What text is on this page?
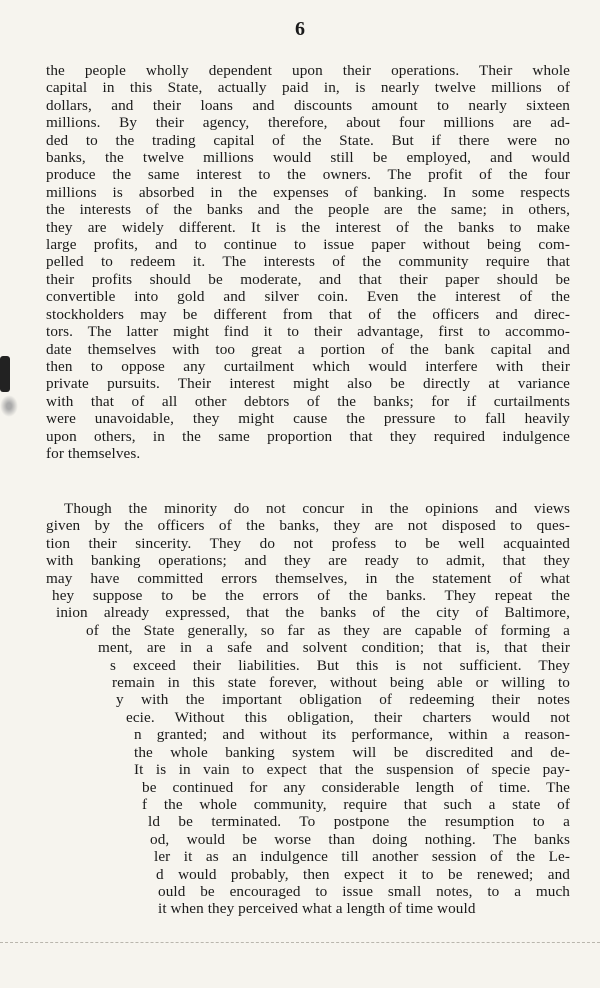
6
the people wholly dependent upon their operations. Their whole
capital in this State, actually paid in, is nearly twelve millions of
dollars, and their loans and discounts amount to nearly sixteen
millions. By their agency, therefore, about four millions are ad-
ded to the trading capital of the State. But if there were no
banks, the twelve millions would still be employed, and would
produce the same interest to the owners. The profit of the four
millions is absorbed in the expenses of banking. In some respects
the interests of the banks and the people are the same; in others,
they are widely different. It is the interest of the banks to make
large profits, and to continue to issue paper without being com-
pelled to redeem it. The interests of the community require that
their profits should be moderate, and that their paper should be
convertible into gold and silver coin. Even the interest of the
stockholders may be different from that of the officers and direc-
tors. The latter might find it to their advantage, first to accommo-
date themselves with too great a portion of the bank capital and
then to oppose any curtailment which would interfere with their
private pursuits. Their interest might also be directly at variance
with that of all other debtors of the banks; for if curtailments
were unavoidable, they might cause the pressure to fall heavily
upon others, in the same proportion that they required indulgence
for themselves.
Though the minority do not concur in the opinions and views
given by the officers of the banks, they are not disposed to ques-
tion their sincerity. They do not profess to be well acquainted
with banking operations; and they are ready to admit, that they
may have committed errors themselves, in the statement of what
hey suppose to be the errors of the banks. They repeat the
inion already expressed, that the banks of the city of Baltimore,
of the State generally, so far as they are capable of forming a
ment, are in a safe and solvent condition; that is, that their
s exceed their liabilities. But this is not sufficient. They
remain in this state forever, without being able or willing to
y with the important obligation of redeeming their notes
ecie. Without this obligation, their charters would not
n granted; and without its performance, within a reason-
the whole banking system will be discredited and de-
It is in vain to expect that the suspension of specie pay-
be continued for any considerable length of time. The
f the whole community, require that such a state of
ld be terminated. To postpone the resumption to a
od, would be worse than doing nothing. The banks
ler it as an indulgence till another session of the Le-
d would probably, then expect it to be renewed; and
ould be encouraged to issue small notes, to a much
it when they perceived what a length of time would
